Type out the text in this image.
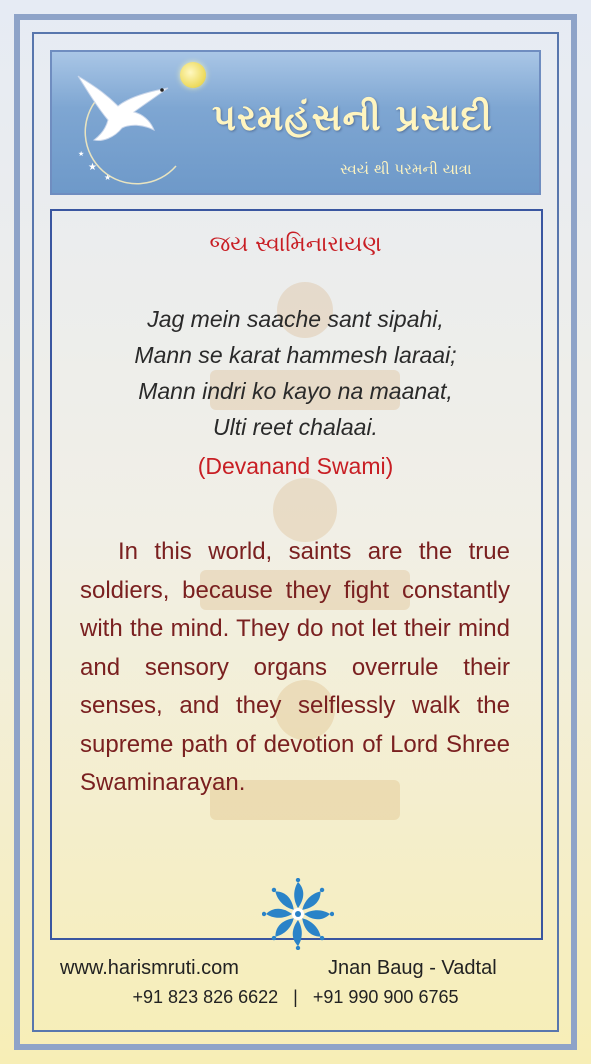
★
★
★
પરમહંસની પ્રસાદી
સ્વયં થી પરમની યાત્રા
જય સ્વામિનારાયણ
Jag mein saache sant sipahi,
Mann se karat hammesh laraai;
Mann indri ko kayo na maanat,
Ulti reet chalaai.
(Devanand Swami)
In this world, saints are the true soldiers, because they fight constantly with the mind. They do not let their mind and sensory organs overrule their senses, and they selflessly walk the supreme path of devotion of Lord Shree Swaminarayan.
www.harismruti.com	Jnan Baug - Vadtal
+91 823 826 6622   |   +91 990 900 6765
